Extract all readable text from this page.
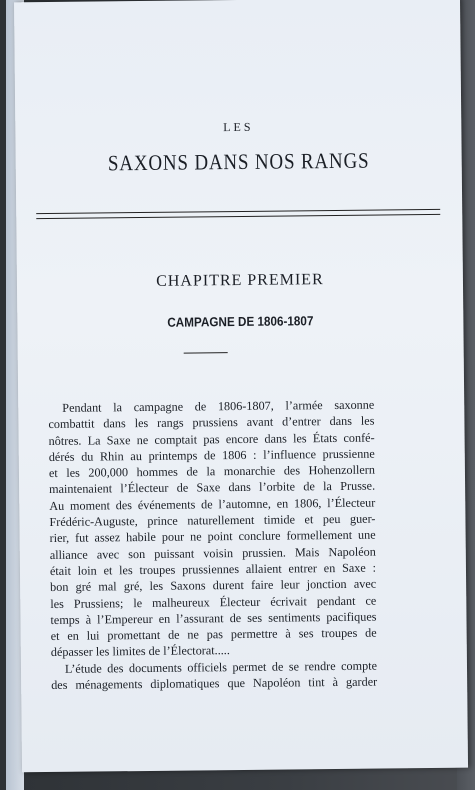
LES
SAXONS DANS NOS RANGS
CHAPITRE PREMIER
CAMPAGNE DE 1806-1807
Pendant la campagne de 1806-1807, l’armée saxonne
combattit dans les rangs prussiens avant d’entrer dans les
nôtres. La Saxe ne comptait pas encore dans les États confé-
dérés du Rhin au printemps de 1806 : l’influence prussienne
et les 200,000 hommes de la monarchie des Hohenzollern
maintenaient l’Électeur de Saxe dans l’orbite de la Prusse.
Au moment des événements de l’automne, en 1806, l’Électeur
Frédéric-Auguste, prince naturellement timide et peu guer-
rier, fut assez habile pour ne point conclure formellement une
alliance avec son puissant voisin prussien. Mais Napoléon
était loin et les troupes prussiennes allaient entrer en Saxe :
bon gré mal gré, les Saxons durent faire leur jonction avec
les Prussiens; le malheureux Électeur écrivait pendant ce
temps à l’Empereur en l’assurant de ses sentiments pacifiques
et en lui promettant de ne pas permettre à ses troupes de
dépasser les limites de l’Électorat.....
L’étude des documents officiels permet de se rendre compte
des ménagements diplomatiques que Napoléon tint à garder
